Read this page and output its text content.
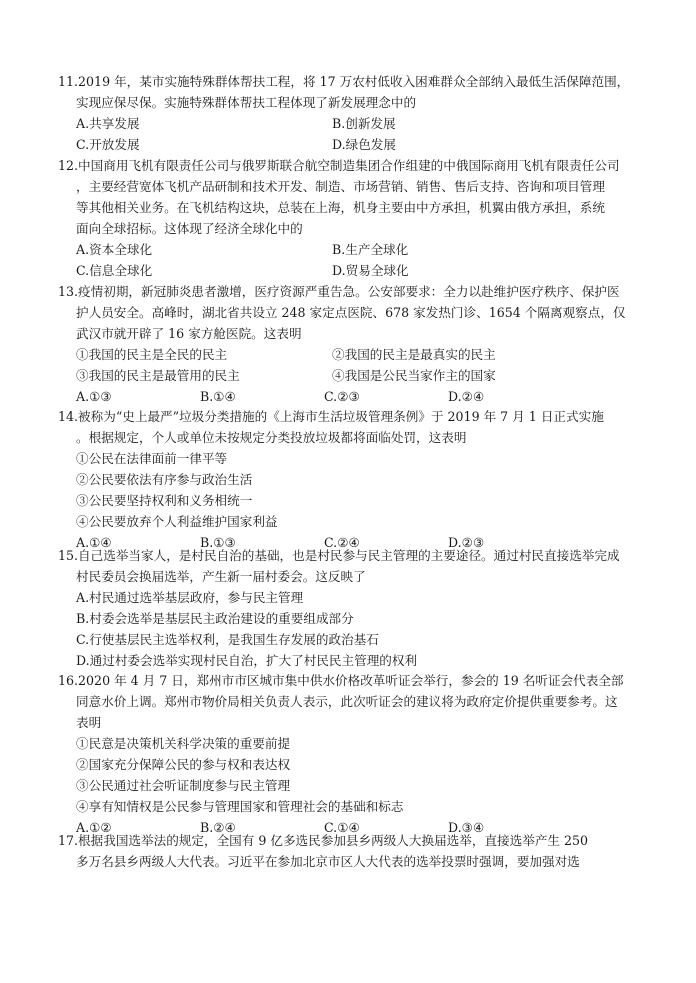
11. 2019 年，某市实施特殊群体帮扶工程，将 17 万农村低收入困难群众全部纳入最低生活保障范围，
实现应保尽保。实施特殊群体帮扶工程体现了新发展理念中的
A.共享发展	B.创新发展
C.开放发展	D.绿色发展
12. 中国商用飞机有限责任公司与俄罗斯联合航空制造集团合作组建的中俄国际商用飞机有限责任公司
，主要经营宽体飞机产品研制和技术开发、制造、市场营销、销售、售后支持、咨询和项目管理
等其他相关业务。在飞机结构这块，总装在上海，机身主要由中方承担，机翼由俄方承担，系统
面向全球招标。这体现了经济全球化中的
A.资本全球化	B.生产全球化
C.信息全球化	D.贸易全球化
13. 疫情初期，新冠肺炎患者激增，医疗资源严重告急。公安部要求：全力以赴维护医疗秩序、保护医
护人员安全。高峰时，湖北省共设立 248 家定点医院、678 家发热门诊、1654 个隔离观察点，仅
武汉市就开辟了 16 家方舱医院。这表明
①我国的民主是全民的民主	②我国的民主是最真实的民主
③我国的民主是最管用的民主	④我国是公民当家作主的国家
A.①③	B.①④	C.②③	D.②④
14. 被称为“史上最严”垃圾分类措施的《上海市生活垃圾管理条例》于 2019 年 7 月 1 日正式实施
。根据规定，个人或单位未按规定分类投放垃圾都将面临处罚，这表明
①公民在法律面前一律平等
②公民要依法有序参与政治生活
③公民要坚持权利和义务相统一
④公民要放弃个人利益维护国家利益
A.①④	B.①③	C.②④	D.②③
15. 自己选举当家人，是村民自治的基础，也是村民参与民主管理的主要途径。通过村民直接选举完成
村民委员会换届选举，产生新一届村委会。这反映了
A.村民通过选举基层政府，参与民主管理
B.村委会选举是基层民主政治建设的重要组成部分
C.行使基层民主选举权利，是我国生存发展的政治基石
D.通过村委会选举实现村民自治，扩大了村民民主管理的权利
16. 2020 年 4 月 7 日，郑州市市区城市集中供水价格改革听证会举行，参会的 19 名听证会代表全部
同意水价上调。郑州市物价局相关负责人表示，此次听证会的建议将为政府定价提供重要参考。这
表明
①民意是决策机关科学决策的重要前提
②国家充分保障公民的参与权和表达权
③公民通过社会听证制度参与民主管理
④享有知情权是公民参与管理国家和管理社会的基础和标志
A.①②	B.②④	C.①④	D.③④
17. 根据我国选举法的规定，全国有 9 亿多选民参加县乡两级人大换届选举，直接选举产生 250
多万名县乡两级人大代表。习近平在参加北京市区人大代表的选举投票时强调，要加强对选
